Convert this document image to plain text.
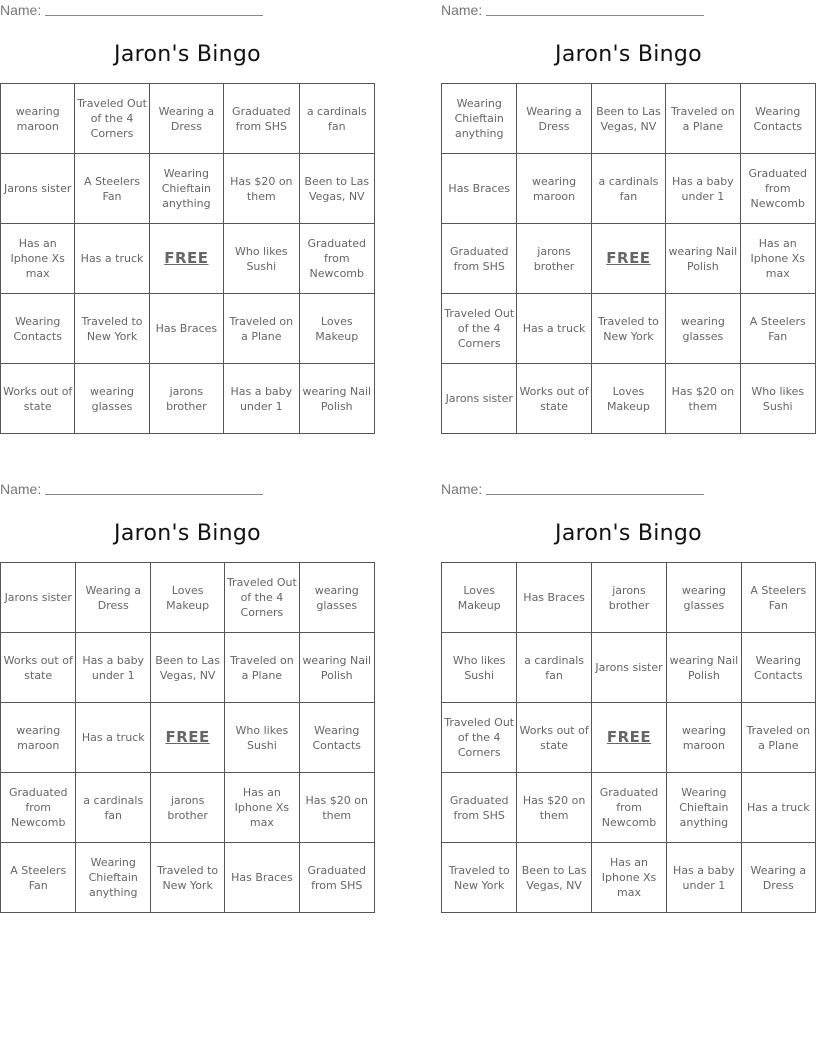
Name:
Jaron's Bingo
wearing maroon	Traveled Out of the 4 Corners	Wearing a Dress	Graduated from SHS	a cardinals fan
Jarons sister	A Steelers Fan	Wearing Chieftain anything	Has $20 on them	Been to Las Vegas, NV
Has an Iphone Xs max	Has a truck	FREE	Who likes Sushi	Graduated from Newcomb
Wearing Contacts	Traveled to New York	Has Braces	Traveled on a Plane	Loves Makeup
Works out of state	wearing glasses	jarons brother	Has a baby under 1	wearing Nail Polish
Name:
Jaron's Bingo
Wearing Chieftain anything	Wearing a Dress	Been to Las Vegas, NV	Traveled on a Plane	Wearing Contacts
Has Braces	wearing maroon	a cardinals fan	Has a baby under 1	Graduated from Newcomb
Graduated from SHS	jarons brother	FREE	wearing Nail Polish	Has an Iphone Xs max
Traveled Out of the 4 Corners	Has a truck	Traveled to New York	wearing glasses	A Steelers Fan
Jarons sister	Works out of state	Loves Makeup	Has $20 on them	Who likes Sushi
Name:
Jaron's Bingo
Jarons sister	Wearing a Dress	Loves Makeup	Traveled Out of the 4 Corners	wearing glasses
Works out of state	Has a baby under 1	Been to Las Vegas, NV	Traveled on a Plane	wearing Nail Polish
wearing maroon	Has a truck	FREE	Who likes Sushi	Wearing Contacts
Graduated from Newcomb	a cardinals fan	jarons brother	Has an Iphone Xs max	Has $20 on them
A Steelers Fan	Wearing Chieftain anything	Traveled to New York	Has Braces	Graduated from SHS
Name:
Jaron's Bingo
Loves Makeup	Has Braces	jarons brother	wearing glasses	A Steelers Fan
Who likes Sushi	a cardinals fan	Jarons sister	wearing Nail Polish	Wearing Contacts
Traveled Out of the 4 Corners	Works out of state	FREE	wearing maroon	Traveled on a Plane
Graduated from SHS	Has $20 on them	Graduated from Newcomb	Wearing Chieftain anything	Has a truck
Traveled to New York	Been to Las Vegas, NV	Has an Iphone Xs max	Has a baby under 1	Wearing a Dress
